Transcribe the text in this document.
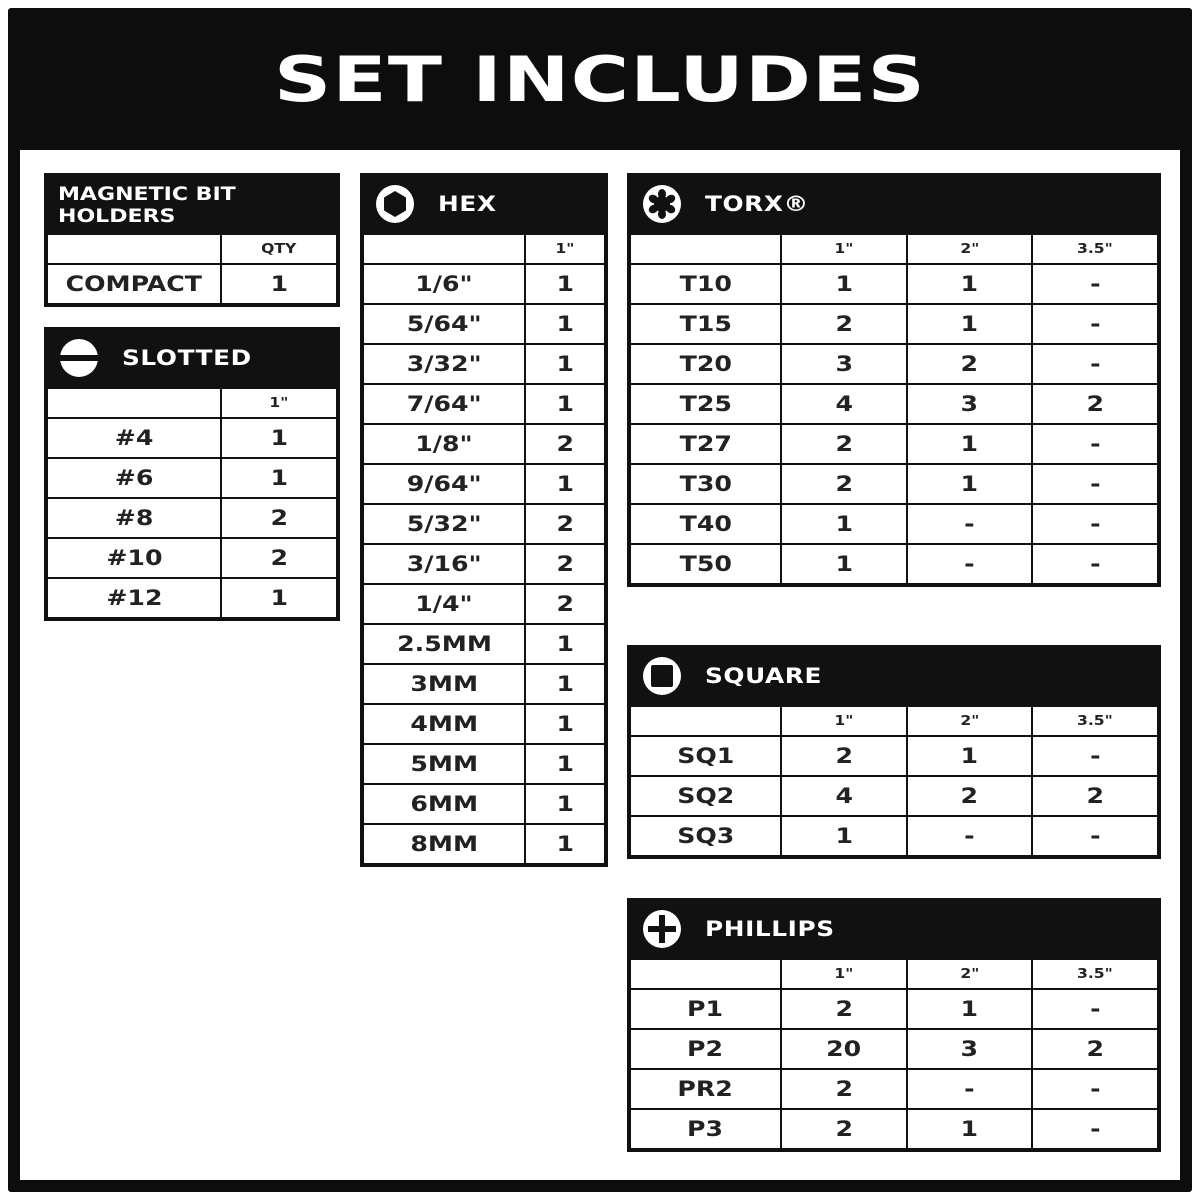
SET INCLUDES
MAGNETIC BIT
HOLDERS
	QTY
COMPACT	1
SLOTTED
	1"
#4	1
#6	1
#8	2
#10	2
#12	1
HEX
	1"
1/6"	1
5/64"	1
3/32"	1
7/64"	1
1/8"	2
9/64"	1
5/32"	2
3/16"	2
1/4"	2
2.5MM	1
3MM	1
4MM	1
5MM	1
6MM	1
8MM	1
TORX®
	1"	2"	3.5"
T10	1	1	-
T15	2	1	-
T20	3	2	-
T25	4	3	2
T27	2	1	-
T30	2	1	-
T40	1	-	-
T50	1	-	-
SQUARE
	1"	2"	3.5"
SQ1	2	1	-
SQ2	4	2	2
SQ3	1	-	-
PHILLIPS
	1"	2"	3.5"
P1	2	1	-
P2	20	3	2
PR2	2	-	-
P3	2	1	-
